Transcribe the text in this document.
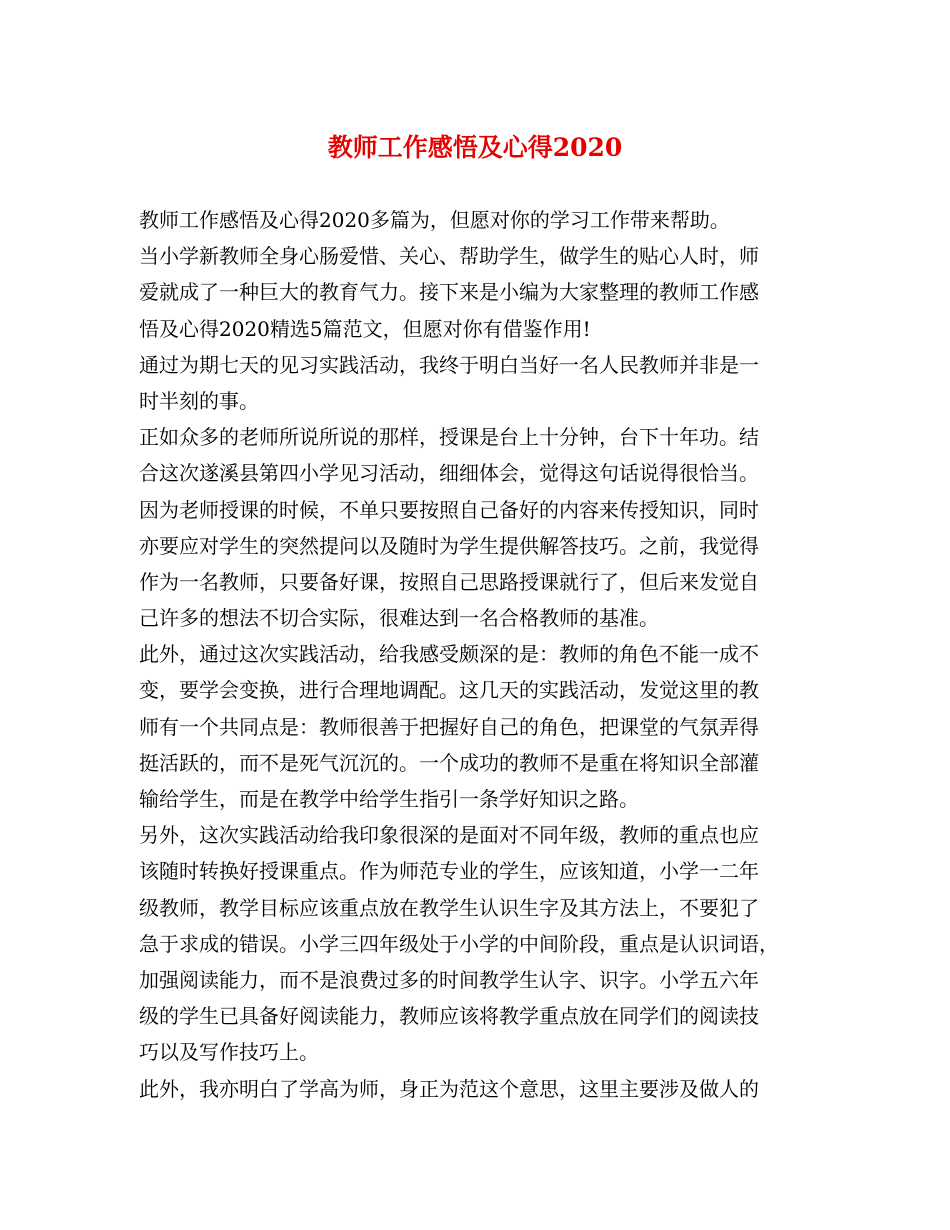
教师工作感悟及心得2020
教师工作感悟及心得2020多篇为，但愿对你的学习工作带来帮助。
当小学新教师全身心肠爱惜、关心、帮助学生，做学生的贴心人时，师
爱就成了一种巨大的教育气力。接下来是小编为大家整理的教师工作感
悟及心得2020精选5篇范文，但愿对你有借鉴作用!
通过为期七天的见习实践活动，我终于明白当好一名人民教师并非是一
时半刻的事。
正如众多的老师所说所说的那样，授课是台上十分钟，台下十年功。结
合这次遂溪县第四小学见习活动，细细体会，觉得这句话说得很恰当。
因为老师授课的时候，不单只要按照自己备好的内容来传授知识，同时
亦要应对学生的突然提问以及随时为学生提供解答技巧。之前，我觉得
作为一名教师，只要备好课，按照自己思路授课就行了，但后来发觉自
己许多的想法不切合实际，很难达到一名合格教师的基准。
此外，通过这次实践活动，给我感受颇深的是：教师的角色不能一成不
变，要学会变换，进行合理地调配。这几天的实践活动，发觉这里的教
师有一个共同点是：教师很善于把握好自己的角色，把课堂的气氛弄得
挺活跃的，而不是死气沉沉的。一个成功的教师不是重在将知识全部灌
输给学生，而是在教学中给学生指引一条学好知识之路。
另外，这次实践活动给我印象很深的是面对不同年级，教师的重点也应
该随时转换好授课重点。作为师范专业的学生，应该知道，小学一二年
级教师，教学目标应该重点放在教学生认识生字及其方法上，不要犯了
急于求成的错误。小学三四年级处于小学的中间阶段，重点是认识词语，
加强阅读能力，而不是浪费过多的时间教学生认字、识字。小学五六年
级的学生已具备好阅读能力，教师应该将教学重点放在同学们的阅读技
巧以及写作技巧上。
此外，我亦明白了学高为师，身正为范这个意思，这里主要涉及做人的
